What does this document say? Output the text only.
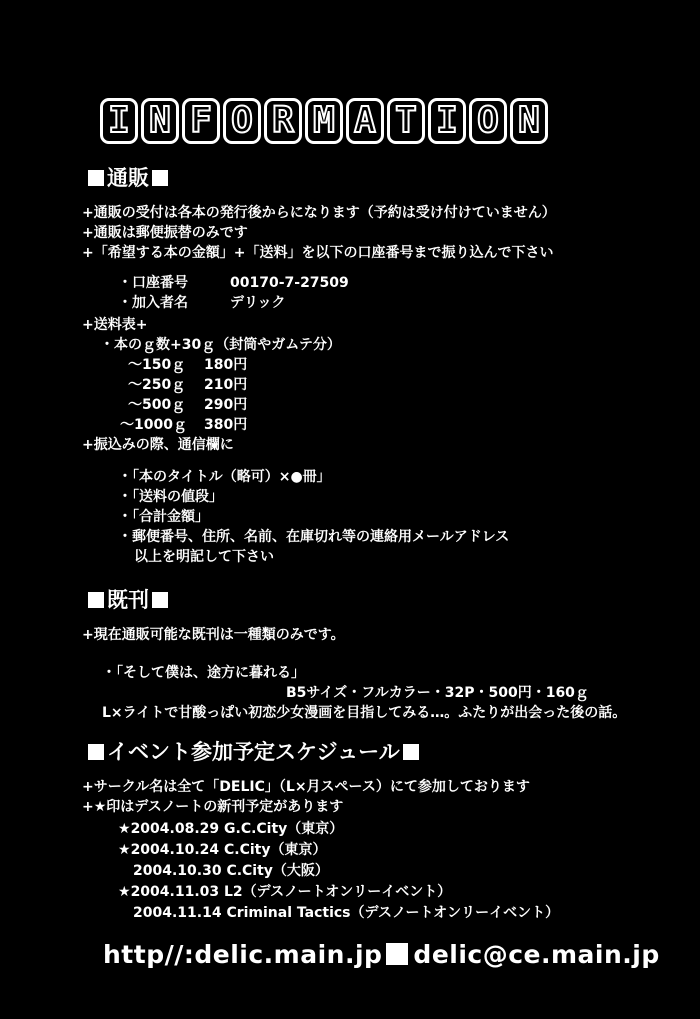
I N F O R M A T I O N
通販
+通販の受付は各本の発行後からになります（予約は受け付けていません）
+通販は郵便振替のみです
+「希望する本の金額」+「送料」を以下の口座番号まで振り込んで下さい
・口座番号	00170-7-27509
・加入者名	デリック
+送料表+
・本のｇ数+30ｇ（封筒やガムテ分）
～150ｇ 180円
～250ｇ 210円
～500ｇ 290円
～1000ｇ 380円
+振込みの際、通信欄に
・「本のタイトル（略可）×●冊」
・「送料の値段」
・「合計金額」
・郵便番号、住所、名前、在庫切れ等の連絡用メールアドレス
以上を明記して下さい
既刊
+現在通販可能な既刊は一種類のみです。
・「そして僕は、途方に暮れる」
B5サイズ・フルカラー・32P・500円・160ｇ
L×ライトで甘酸っぱい初恋少女漫画を目指してみる…。ふたりが出会った後の話。
イベント参加予定スケジュール
+サークル名は全て「DELIC」（L×月スペース）にて参加しております
+★印はデスノートの新刊予定があります
★2004.08.29 G.C.City（東京）
★2004.10.24 C.City（東京）
2004.10.30 C.City（大阪）
★2004.11.03 L2（デスノートオンリーイベント）
2004.11.14 Criminal Tactics（デスノートオンリーイベント）
http//:delic.main.jp delic@ce.main.jp
